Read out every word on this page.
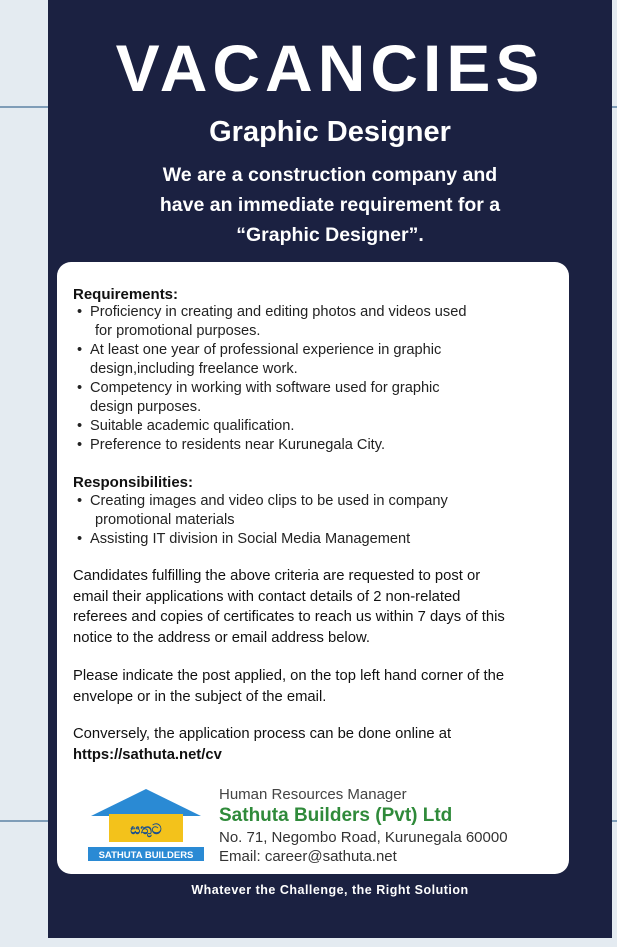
VACANCIES
Graphic Designer
We are a construction company and
have an immediate requirement for a
“Graphic Designer”.
Requirements:
• Proficiency in creating and editing photos and videos used
for promotional purposes.
• At least one year of professional experience in graphic
design,including freelance work.
• Competency in working with software used for graphic
design purposes.
• Suitable academic qualification.
• Preference to residents near Kurunegala City.
Responsibilities:
• Creating images and video clips to be used in company
promotional materials
• Assisting IT division in Social Media Management
Candidates fulfilling the above criteria are requested to post or
email their applications with contact details of 2 non-related
referees and copies of certificates to reach us within 7 days of this
notice to the address or email address below.
Please indicate the post applied, on the top left hand corner of the
envelope or in the subject of the email.
Conversely, the application process can be done online at
https://sathuta.net/cv
සතුට
SATHUTA BUILDERS
Human Resources Manager
Sathuta Builders (Pvt) Ltd
No. 71, Negombo Road, Kurunegala 60000
Email: career@sathuta.net
Whatever the Challenge, the Right Solution
DATE: 2024-DEC-04
